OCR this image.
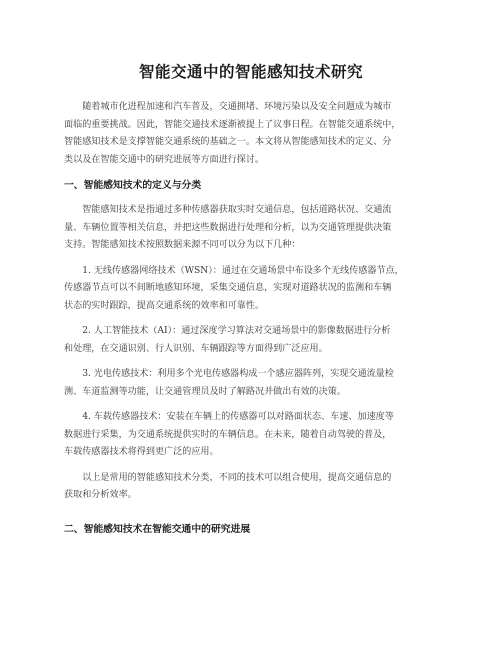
智能交通中的智能感知技术研究

随着城市化进程加速和汽车普及，交通拥堵、环境污染以及安全问题成为城市

面临的重要挑战。因此，智能交通技术逐渐被提上了议事日程。在智能交通系统中，

智能感知技术是支撑智能交通系统的基础之一。本文将从智能感知技术的定义、分

类以及在智能交通中的研究进展等方面进行探讨。

一、智能感知技术的定义与分类

智能感知技术是指通过多种传感器获取实时交通信息，包括道路状况、交通流

量、车辆位置等相关信息，并把这些数据进行处理和分析，以为交通管理提供决策

支持。智能感知技术按照数据来源不同可以分为以下几种：

1. 无线传感器网络技术（WSN）：通过在交通场景中布设多个无线传感器节点，

传感器节点可以不间断地感知环境，采集交通信息，实现对道路状况的监测和车辆

状态的实时跟踪，提高交通系统的效率和可靠性。

2. 人工智能技术（AI）：通过深度学习算法对交通场景中的影像数据进行分析

和处理，在交通识别、行人识别、车辆跟踪等方面得到广泛应用。

3. 光电传感技术：利用多个光电传感器构成一个感应器阵列，实现交通流量检

测、车道监测等功能，让交通管理员及时了解路况并做出有效的决策。

4. 车载传感器技术：安装在车辆上的传感器可以对路面状态、车速、加速度等

数据进行采集，为交通系统提供实时的车辆信息。在未来，随着自动驾驶的普及，

车载传感器技术将得到更广泛的应用。

以上是常用的智能感知技术分类，不同的技术可以组合使用，提高交通信息的

获取和分析效率。

二、智能感知技术在智能交通中的研究进展
